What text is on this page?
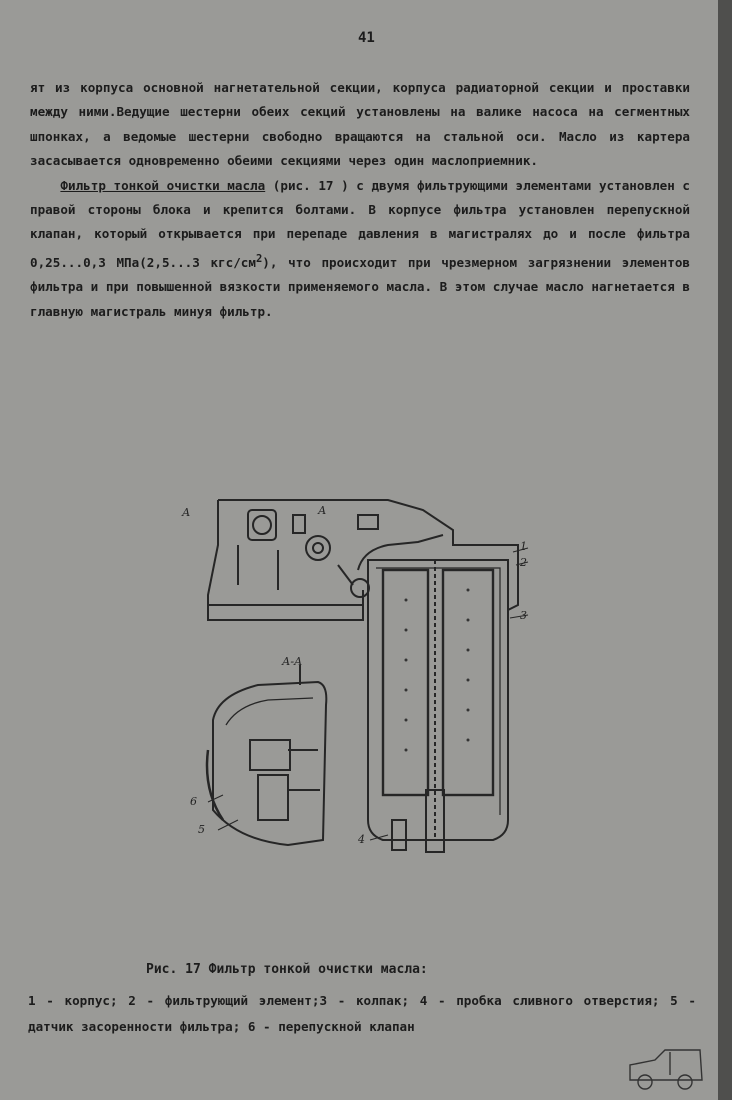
41

ят из корпуса основной нагнетательной секции, корпуса радиаторной секции и проставки между ними.Ведущие шестерни обеих секций установлены на валике насоса на сегментных шпонках, а ведомые шестерни свободно вращаются на стальной оси. Масло из картера засасывается одновременно обеими секциями через один маслоприемник.

Фильтр тонкой очистки масла (рис. 17 ) с двумя фильтрующими элементами установлен с правой стороны блока и крепится болтами. В корпусе фильтра установлен перепускной клапан, который открывается при перепаде давления в магистралях до и после фильтра 0,25...0,3 МПа(2,5...3 кгс/$см^2$), что происходит при чрезмерном загрязнении элементов фильтра и при повышенной вязкости применяемого масла. В этом случае масло нагнетается в главную магистраль минуя фильтр.

1
2
3
4
5
6
А-А
А	А
Рис. 17 Фильтр тонкой очистки масла:
1 - корпус; 2 - фильтрующий элемент;3 - колпак; 4 - пробка сливного отверстия; 5 - датчик засоренности фильтра; 6 - перепускной клапан
